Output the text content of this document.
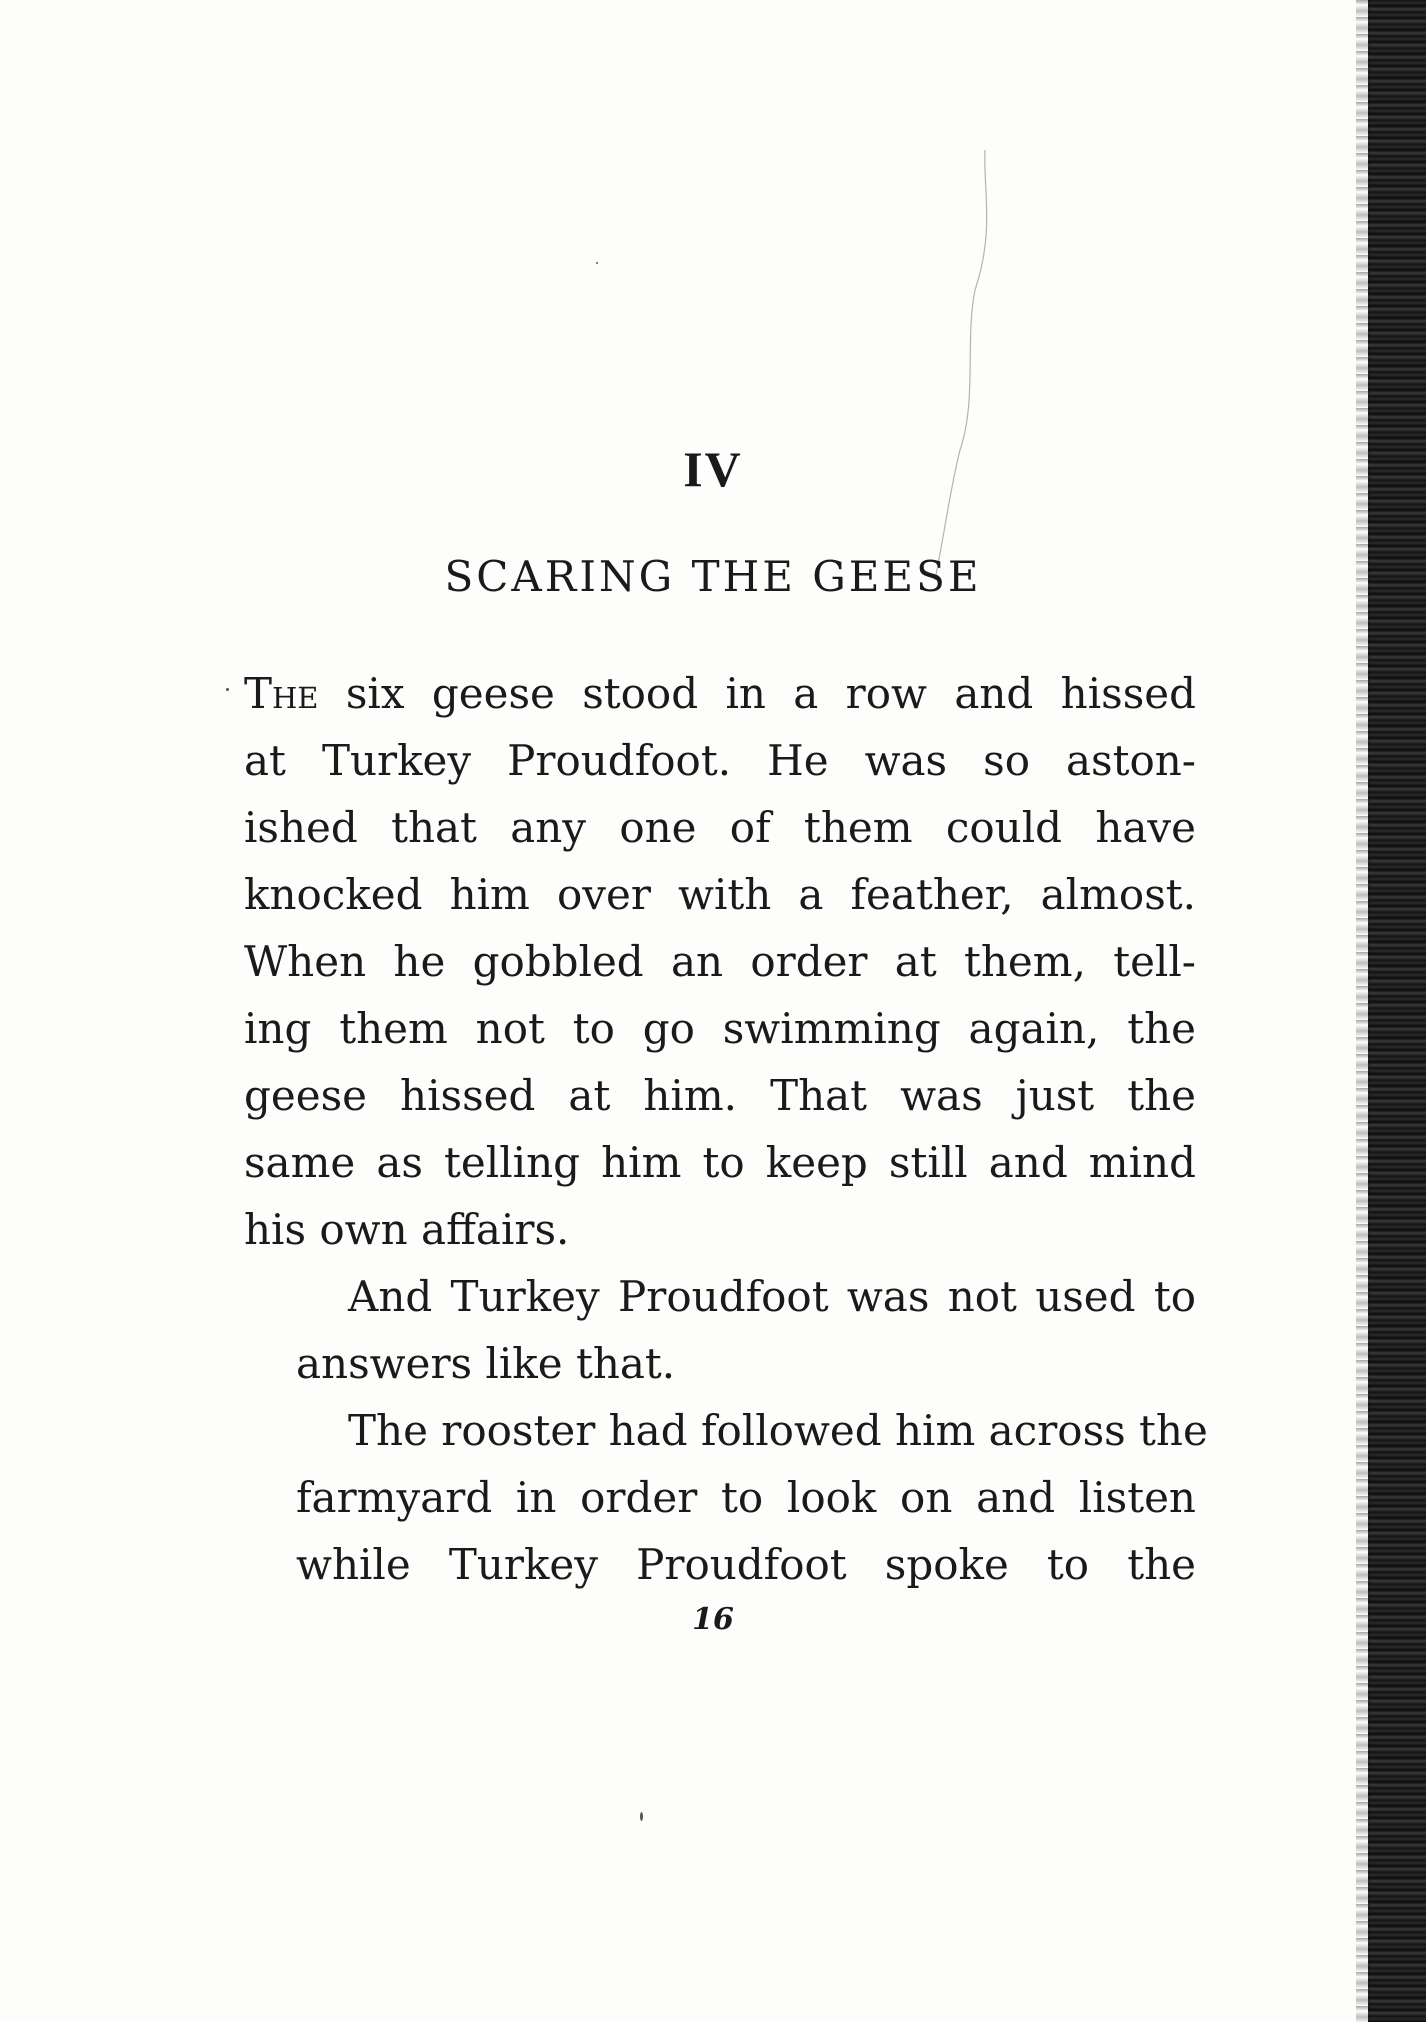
IV
SCARING THE GEESE
The six geese stood in a row and hissed
at Turkey Proudfoot. He was so aston-
ished that any one of them could have
knocked him over with a feather, almost.
When he gobbled an order at them, tell-
ing them not to go swimming again, the
geese hissed at him. That was just the
same as telling him to keep still and mind
his own affairs.
And Turkey Proudfoot was not used to
answers like that.
The rooster had followed him across the
farmyard in order to look on and listen
while Turkey Proudfoot spoke to the
16
